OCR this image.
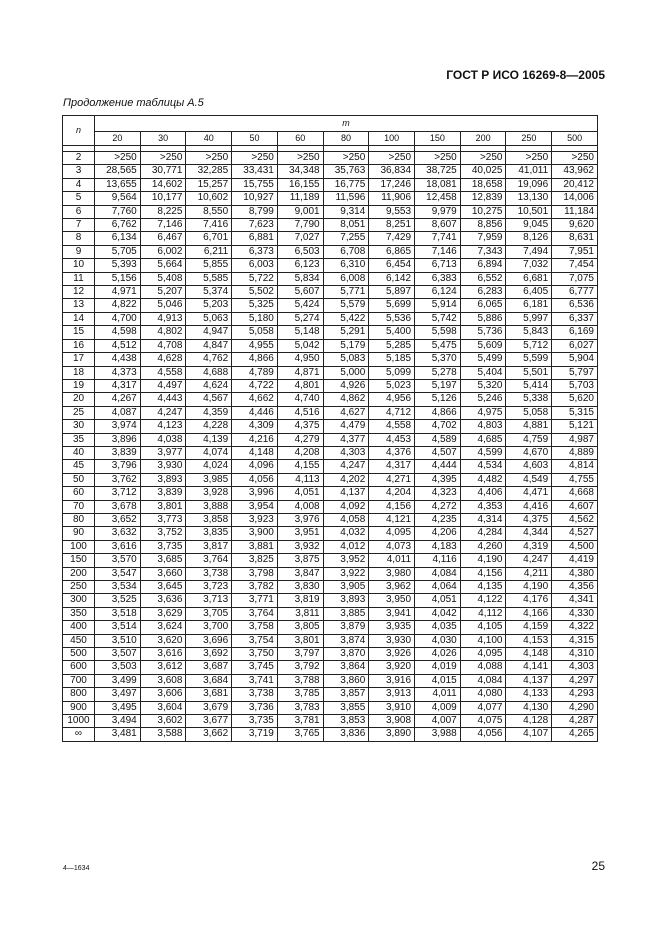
ГОСТ Р ИСО 16269-8—2005
Продолжение таблицы А.5
n	m										
	20	30	40	50	60	80	100	150	200	250	500

2	>250	>250	>250	>250	>250	>250	>250	>250	>250	>250	>250
3	28,565	30,771	32,285	33,431	34,348	35,763	36,834	38,725	40,025	41,011	43,962
4	13,655	14,602	15,257	15,755	16,155	16,775	17,246	18,081	18,658	19,096	20,412
5	9,564	10,177	10,602	10,927	11,189	11,596	11,906	12,458	12,839	13,130	14,006
6	7,760	8,225	8,550	8,799	9,001	9,314	9,553	9,979	10,275	10,501	11,184
7	6,762	7,146	7,416	7,623	7,790	8,051	8,251	8,607	8,856	9,045	9,620
8	6,134	6,467	6,701	6,881	7,027	7,255	7,429	7,741	7,959	8,126	8,631
9	5,705	6,002	6,211	6,373	6,503	6,708	6,865	7,146	7,343	7,494	7,951
10	5,393	5,664	5,855	6,003	6,123	6,310	6,454	6,713	6,894	7,032	7,454
11	5,156	5,408	5,585	5,722	5,834	6,008	6,142	6,383	6,552	6,681	7,075
12	4,971	5,207	5,374	5,502	5,607	5,771	5,897	6,124	6,283	6,405	6,777
13	4,822	5,046	5,203	5,325	5,424	5,579	5,699	5,914	6,065	6,181	6,536
14	4,700	4,913	5,063	5,180	5,274	5,422	5,536	5,742	5,886	5,997	6,337
15	4,598	4,802	4,947	5,058	5,148	5,291	5,400	5,598	5,736	5,843	6,169
16	4,512	4,708	4,847	4,955	5,042	5,179	5,285	5,475	5,609	5,712	6,027
17	4,438	4,628	4,762	4,866	4,950	5,083	5,185	5,370	5,499	5,599	5,904
18	4,373	4,558	4,688	4,789	4,871	5,000	5,099	5,278	5,404	5,501	5,797
19	4,317	4,497	4,624	4,722	4,801	4,926	5,023	5,197	5,320	5,414	5,703
20	4,267	4,443	4,567	4,662	4,740	4,862	4,956	5,126	5,246	5,338	5,620
25	4,087	4,247	4,359	4,446	4,516	4,627	4,712	4,866	4,975	5,058	5,315
30	3,974	4,123	4,228	4,309	4,375	4,479	4,558	4,702	4,803	4,881	5,121
35	3,896	4,038	4,139	4,216	4,279	4,377	4,453	4,589	4,685	4,759	4,987
40	3,839	3,977	4,074	4,148	4,208	4,303	4,376	4,507	4,599	4,670	4,889
45	3,796	3,930	4,024	4,096	4,155	4,247	4,317	4,444	4,534	4,603	4,814
50	3,762	3,893	3,985	4,056	4,113	4,202	4,271	4,395	4,482	4,549	4,755
60	3,712	3,839	3,928	3,996	4,051	4,137	4,204	4,323	4,406	4,471	4,668
70	3,678	3,801	3,888	3,954	4,008	4,092	4,156	4,272	4,353	4,416	4,607
80	3,652	3,773	3,858	3,923	3,976	4,058	4,121	4,235	4,314	4,375	4,562
90	3,632	3,752	3,835	3,900	3,951	4,032	4,095	4,206	4,284	4,344	4,527
100	3,616	3,735	3,817	3,881	3,932	4,012	4,073	4,183	4,260	4,319	4,500
150	3,570	3,685	3,764	3,825	3,875	3,952	4,011	4,116	4,190	4,247	4,419
200	3,547	3,660	3,738	3,798	3,847	3,922	3,980	4,084	4,156	4,211	4,380
250	3,534	3,645	3,723	3,782	3,830	3,905	3,962	4,064	4,135	4,190	4,356
300	3,525	3,636	3,713	3,771	3,819	3,893	3,950	4,051	4,122	4,176	4,341
350	3,518	3,629	3,705	3,764	3,811	3,885	3,941	4,042	4,112	4,166	4,330
400	3,514	3,624	3,700	3,758	3,805	3,879	3,935	4,035	4,105	4,159	4,322
450	3,510	3,620	3,696	3,754	3,801	3,874	3,930	4,030	4,100	4,153	4,315
500	3,507	3,616	3,692	3,750	3,797	3,870	3,926	4,026	4,095	4,148	4,310
600	3,503	3,612	3,687	3,745	3,792	3,864	3,920	4,019	4,088	4,141	4,303
700	3,499	3,608	3,684	3,741	3,788	3,860	3,916	4,015	4,084	4,137	4,297
800	3,497	3,606	3,681	3,738	3,785	3,857	3,913	4,011	4,080	4,133	4,293
900	3,495	3,604	3,679	3,736	3,783	3,855	3,910	4,009	4,077	4,130	4,290
1000	3,494	3,602	3,677	3,735	3,781	3,853	3,908	4,007	4,075	4,128	4,287
∞	3,481	3,588	3,662	3,719	3,765	3,836	3,890	3,988	4,056	4,107	4,265
4—1634	25
